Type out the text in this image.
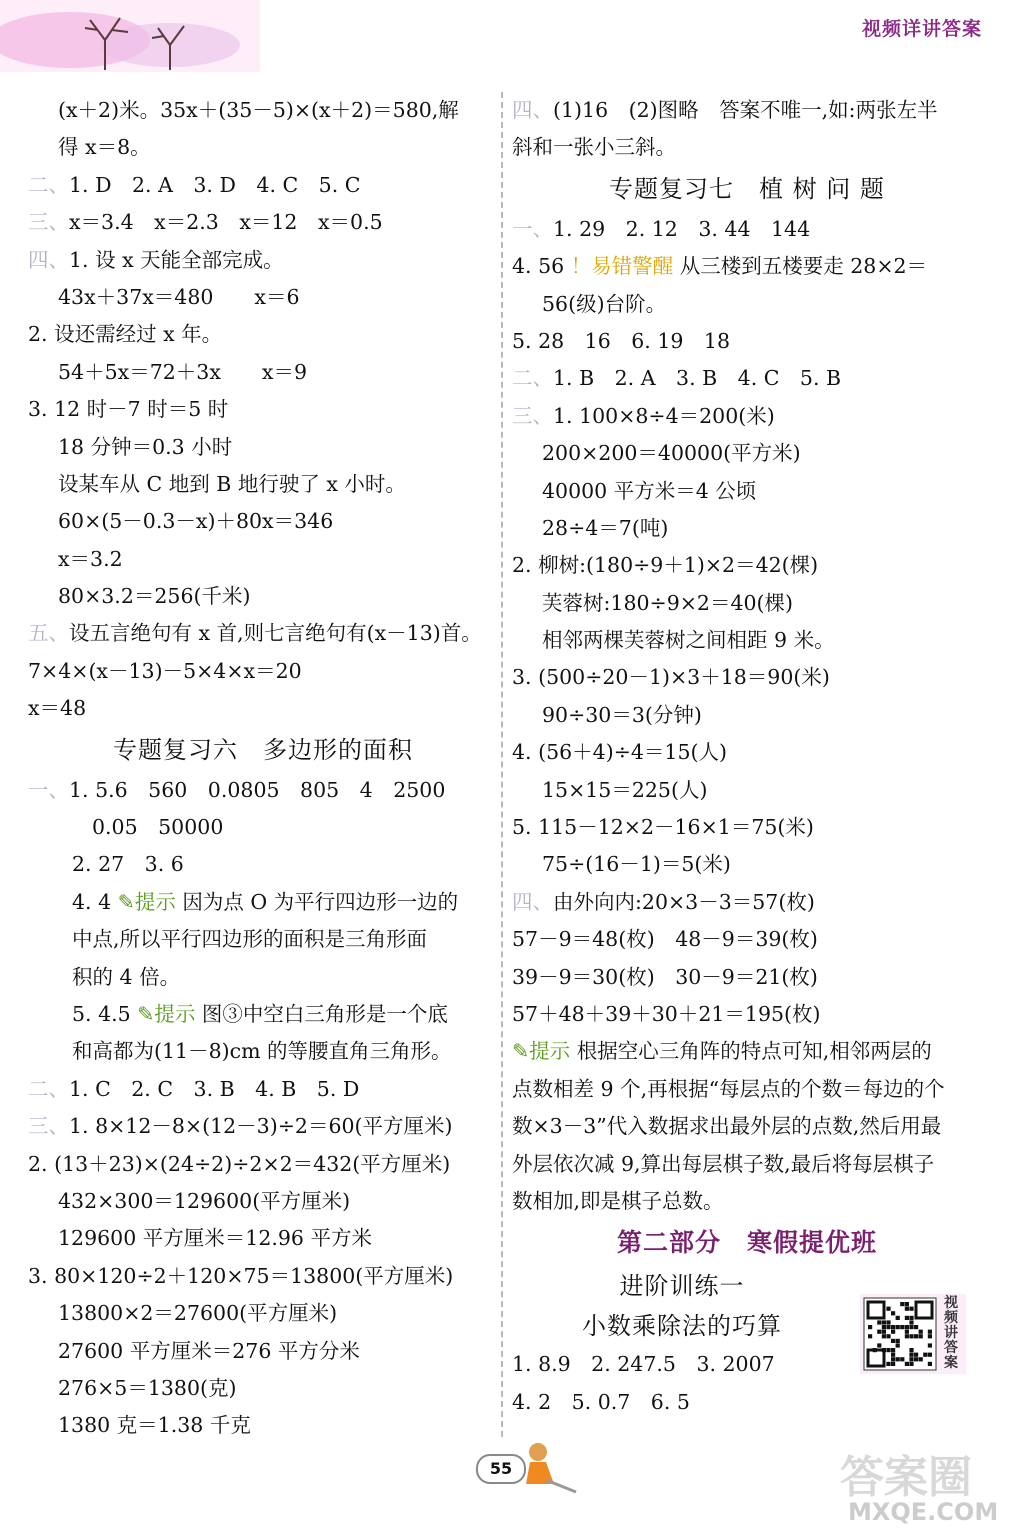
视频详讲答案
(x＋2)米。35x＋(35－5)×(x＋2)＝580,解
得 x＝8。
二、1. D　2. A　3. D　4. C　5. C
三、x＝3.4　x＝2.3　x＝12　x＝0.5
四、1. 设 x 天能全部完成。
43x＋37x＝480　　x＝6
2. 设还需经过 x 年。
54＋5x＝72＋3x　　x＝9
3. 12 时－7 时＝5 时
18 分钟＝0.3 小时
设某车从 C 地到 B 地行驶了 x 小时。
60×(5－0.3－x)＋80x＝346
x＝3.2
80×3.2＝256(千米)
五、设五言绝句有 x 首,则七言绝句有(x－13)首。
7×4×(x－13)－5×4×x＝20
x＝48
专题复习六　多边形的面积
一、1. 5.6　560　0.0805　805　4　2500
0.05　50000
2. 27　3. 6
4. 4 ✎提示 因为点 O 为平行四边形一边的
中点,所以平行四边形的面积是三角形面
积的 4 倍。
5. 4.5 ✎提示 图③中空白三角形是一个底
和高都为(11－8)cm 的等腰直角三角形。
二、1. C　2. C　3. B　4. B　5. D
三、1. 8×12－8×(12－3)÷2＝60(平方厘米)
2. (13＋23)×(24÷2)÷2×2＝432(平方厘米)
432×300＝129600(平方厘米)
129600 平方厘米＝12.96 平方米
3. 80×120÷2＋120×75＝13800(平方厘米)
13800×2＝27600(平方厘米)
27600 平方厘米＝276 平方分米
276×5＝1380(克)
1380 克＝1.38 千克
四、(1)16　(2)图略　答案不唯一,如:两张左半
斜和一张小三斜。
专题复习七　植 树 问 题
一、1. 29　2. 12　3. 44　144
4. 56 ！易错警醒 从三楼到五楼要走 28×2＝
56(级)台阶。
5. 28　16　6. 19　18
二、1. B　2. A　3. B　4. C　5. B
三、1. 100×8÷4＝200(米)
200×200＝40000(平方米)
40000 平方米＝4 公顷
28÷4＝7(吨)
2. 柳树:(180÷9＋1)×2＝42(棵)
芙蓉树:180÷9×2＝40(棵)
相邻两棵芙蓉树之间相距 9 米。
3. (500÷20－1)×3＋18＝90(米)
90÷30＝3(分钟)
4. (56＋4)÷4＝15(人)
15×15＝225(人)
5. 115－12×2－16×1＝75(米)
75÷(16－1)＝5(米)
四、由外向内:20×3－3＝57(枚)
57－9＝48(枚)　48－9＝39(枚)
39－9＝30(枚)　30－9＝21(枚)
57＋48＋39＋30＋21＝195(枚)
✎提示 根据空心三角阵的特点可知,相邻两层的
点数相差 9 个,再根据“每层点的个数＝每边的个
数×3－3”代入数据求出最外层的点数,然后用最
外层依次减 9,算出每层棋子数,最后将每层棋子
数相加,即是棋子总数。
第二部分　寒假提优班
进阶训练一
小数乘除法的巧算
1. 8.9　2. 247.5　3. 2007
4. 2　5. 0.7　6. 5
视频讲答案
55	答案圈
MXQE.COM
